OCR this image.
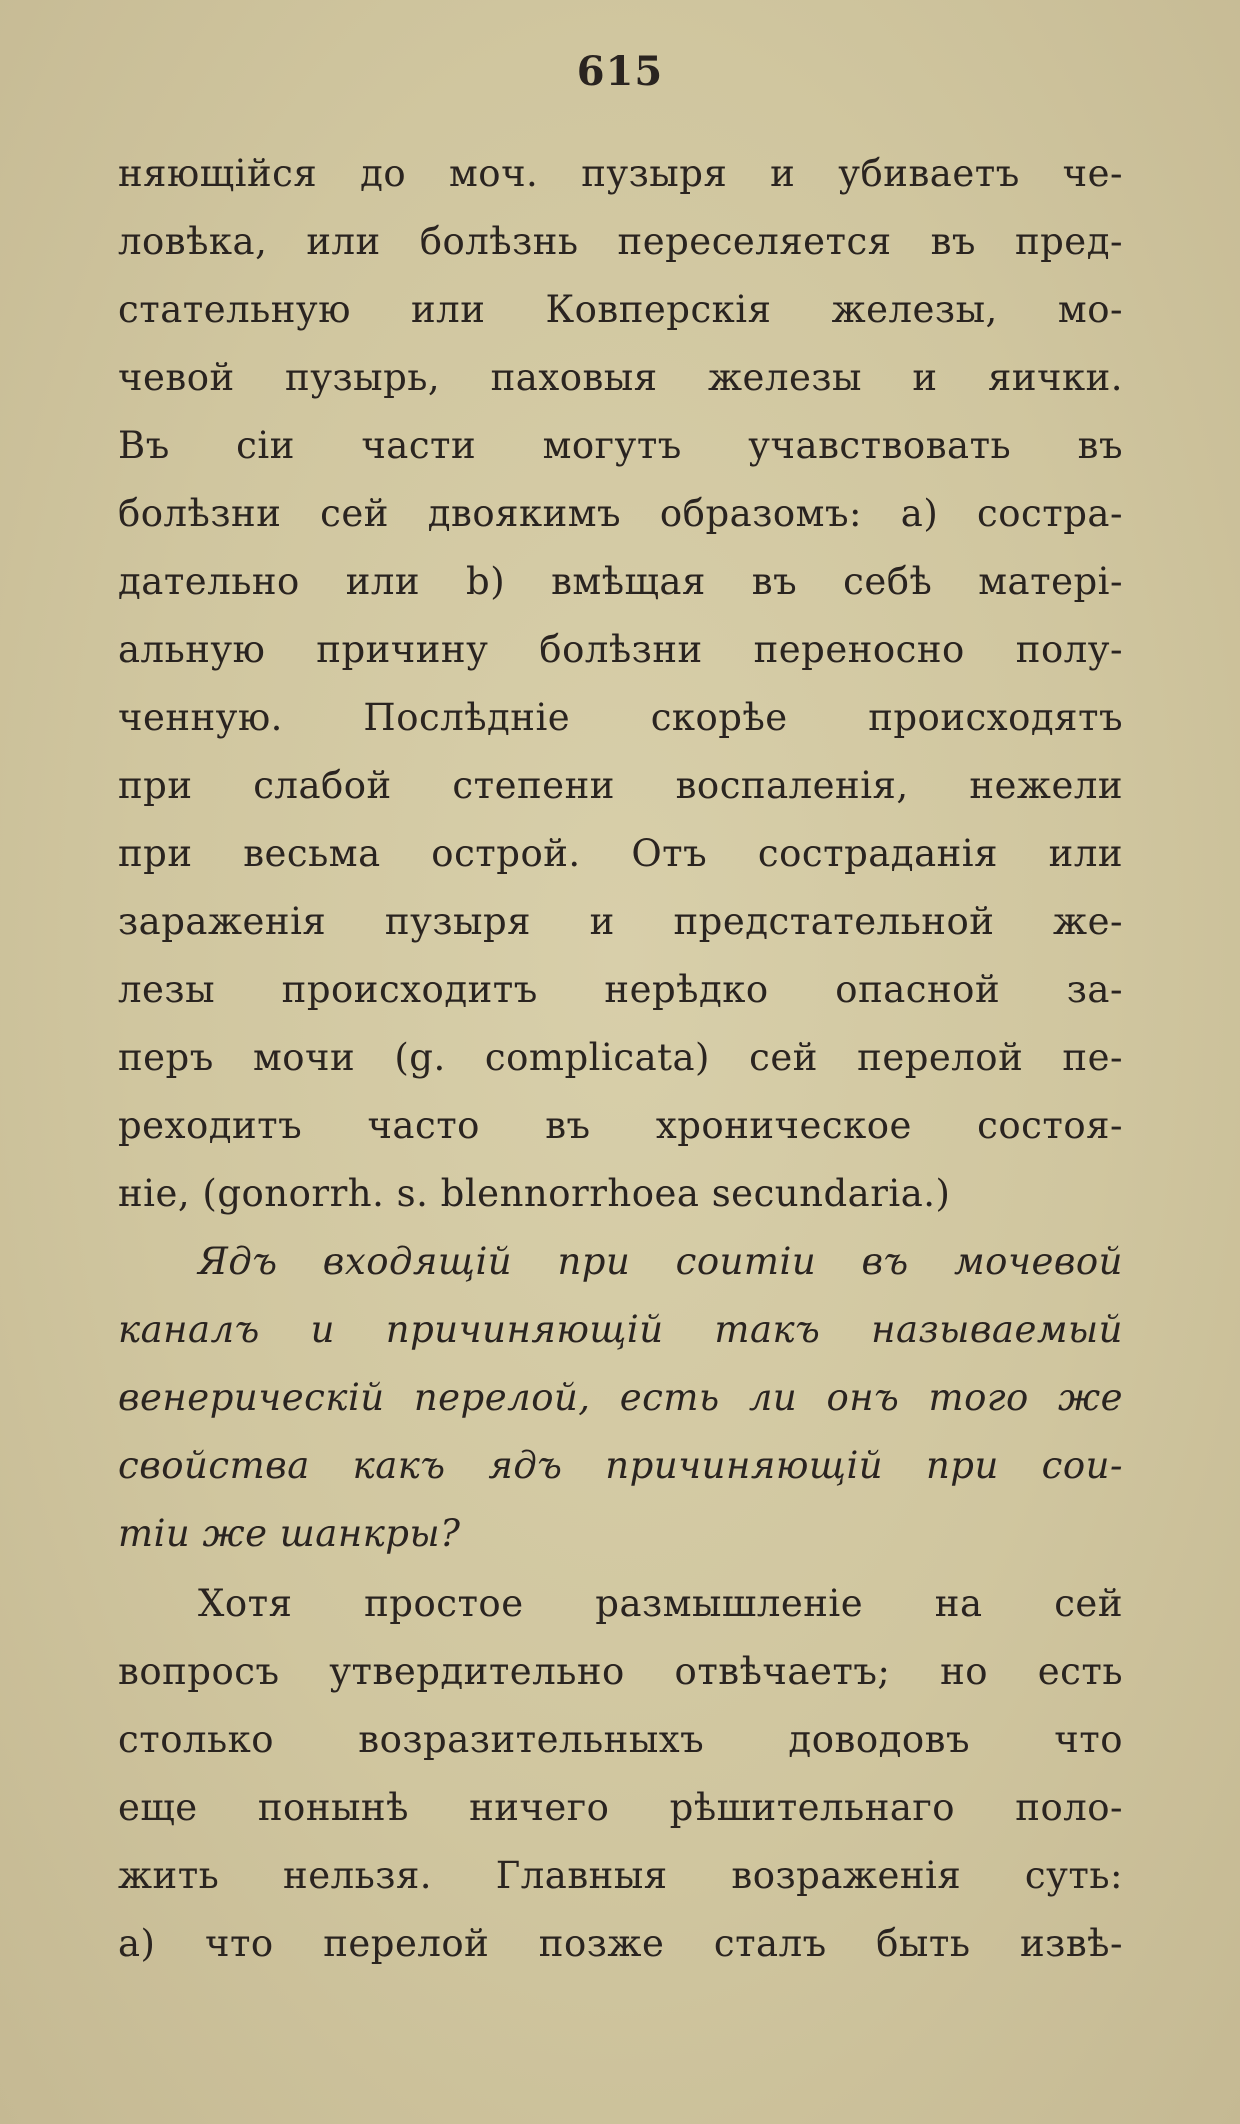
615
няющійся до моч. пузыря и убиваетъ че-
ловѣка, или болѣзнь переселяется въ пред-
стательную или Ковперскія железы, мо-
чевой пузырь, паховыя железы и яички.
Въ сіи части могутъ учавствовать въ
болѣзни сей двоякимъ образомъ: a) состра-
дательно или b) вмѣщая въ себѣ матері-
альную причину болѣзни переносно полу-
ченную. Послѣдніе скорѣе происходятъ
при слабой степени воспаленія, нежели
при весьма острой. Отъ сострадан‍ія или
зараженія пузыря и предстательной же-
лезы происходитъ нерѣдко опасной за-
перъ мочи (g. complicata) сей перелой пе-
реходитъ часто въ хроническое состоя-
ніе, (gonorrh. s. blennorrhoea secundaria.)
Ядъ входящій при соитіи въ мочевой
каналъ и причиняющій такъ называемый
венерическій перелой, есть ли онъ того же
свойства какъ ядъ причиняющій при сои-
тіи же шанкры?
Хотя простое размышленіе на сей
вопросъ утвердительно отвѣчаетъ; но есть
столько возразительныхъ доводовъ что
еще понынѣ ничего рѣшительнаго поло-
жить нельзя. Главныя возраженія суть:
a) что перелой позже сталъ быть извѣ-
